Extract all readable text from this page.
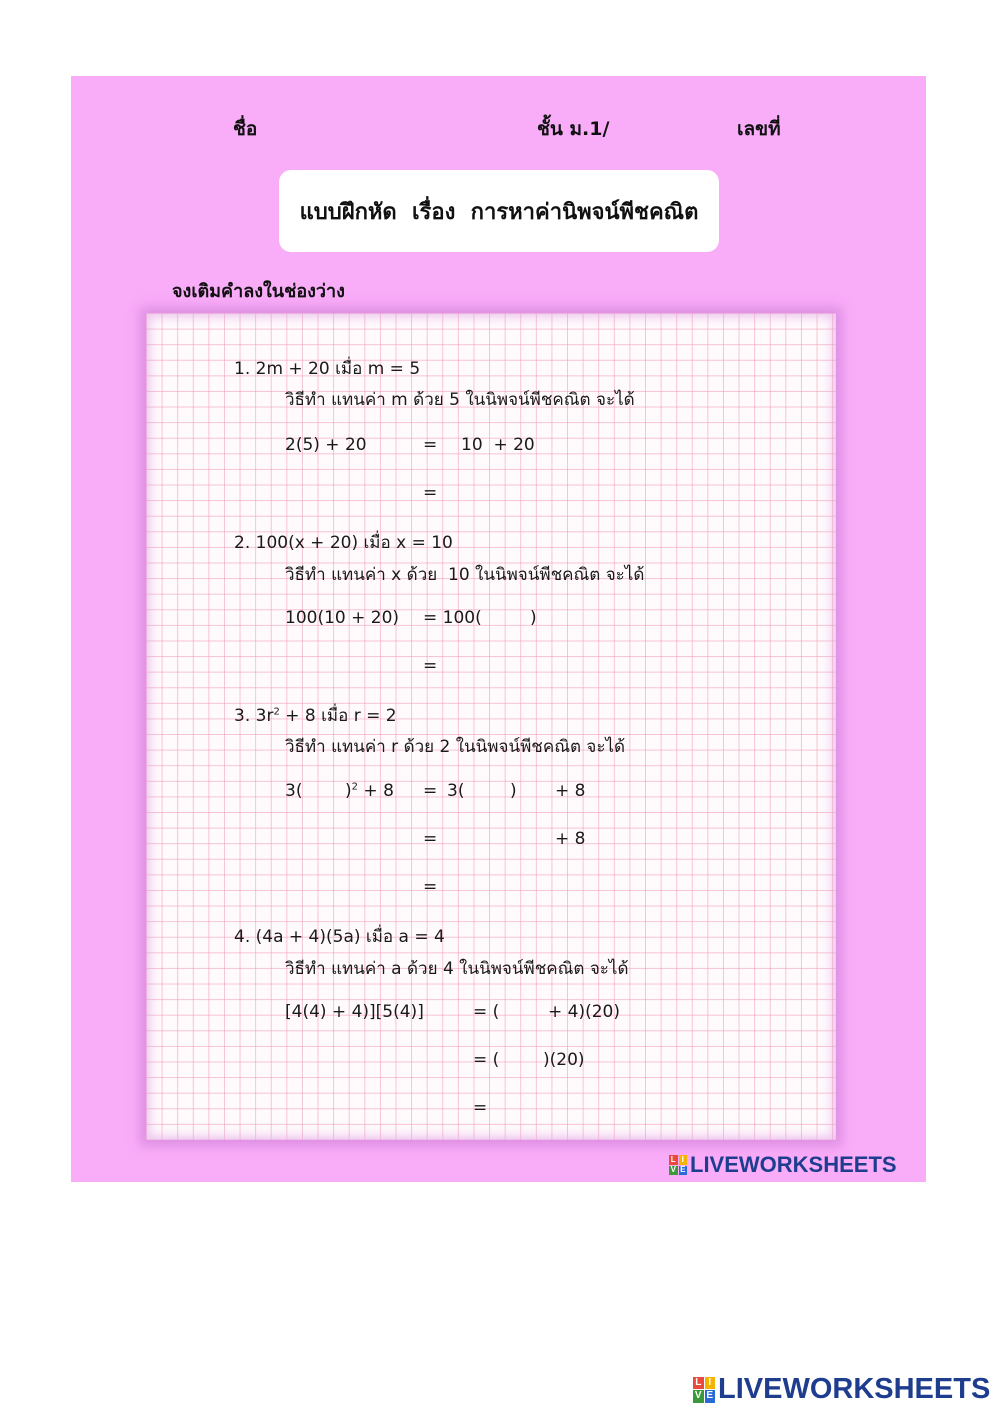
ชื่อ	ชั้น ม.1/	เลขที่
แบบฝึกหัด  เรื่อง  การหาค่านิพจน์พีชคณิต
จงเติมคำลงในช่องว่าง
1. 2m + 20 เมื่อ m = 5
วิธีทำ แทนค่า m ด้วย 5 ในนิพจน์พีชคณิต จะได้
2(5) + 20	= 10  + 20
=
2. 100(x + 20) เมื่อ x = 10
วิธีทำ แทนค่า x ด้วย  10 ในนิพจน์พีชคณิต จะได้
100(10 + 20) = 100(	)
=
3. $3r^2 + 8$ เมื่อ r = 2
วิธีทำ แทนค่า r ด้วย 2 ในนิพจน์พีชคณิต จะได้
3(	)$^2$ + 8 = 3(	) + 8
=	+ 8
=
4. (4a + 4)(5a) เมื่อ a = 4
วิธีทำ แทนค่า a ด้วย 4 ในนิพจน์พีชคณิต จะได้
[4(4) + 4)][5(4)]	= (	+ 4)(20)
= (	)(20)
=
L I
V E LIVEWORKSHEETS
L I
V E LIVEWORKSHEETS
